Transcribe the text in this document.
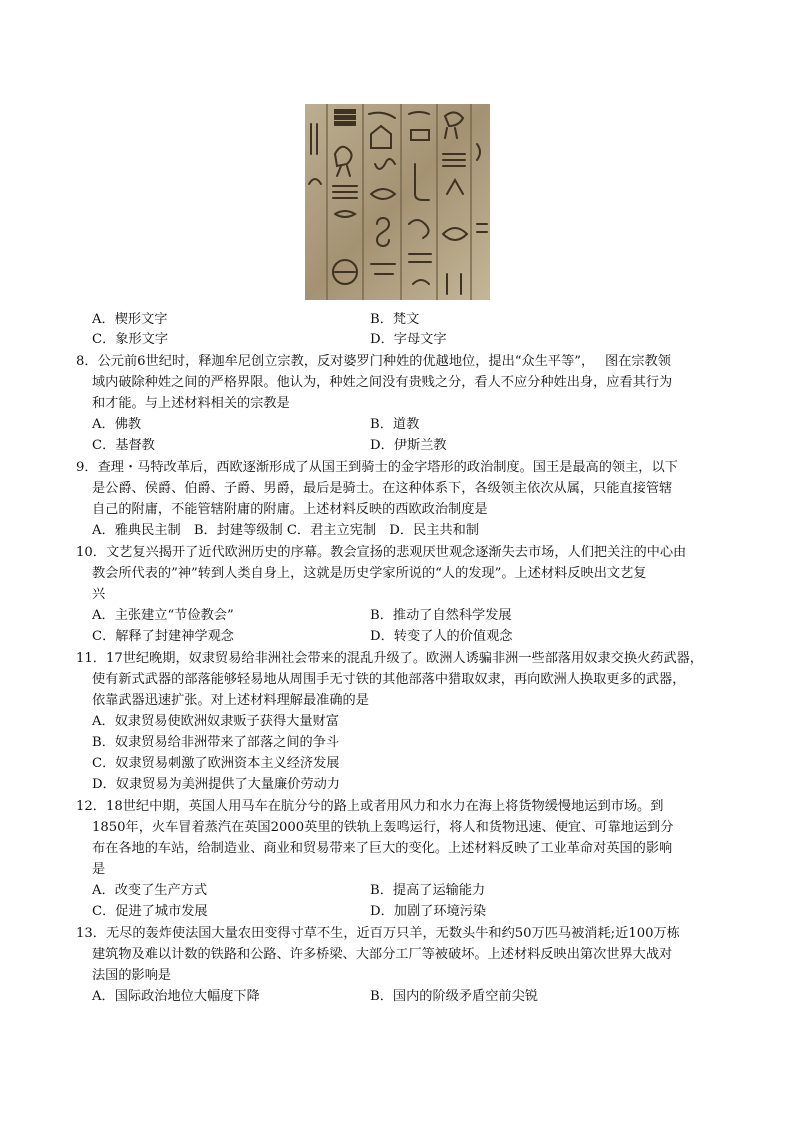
A．楔形文字	B．梵文
C．象形文字	D．字母文字
8．公元前6世纪时，释迦牟尼创立宗教，反对婆罗门种姓的优越地位，提出“众生平等”，　 图在宗教领
域内破除种姓之间的严格界限。他认为，种姓之间没有贵贱之分，看人不应分种姓出身，应看其行为
和才能。与上述材料相关的宗教是
A．佛教	B．道教
C．基督教	D．伊斯兰教
9．查理・马特改革后，西欧逐渐形成了从国王到骑士的金字塔形的政治制度。国王是最高的领主，以下
是公爵、侯爵、伯爵、子爵、男爵，最后是骑士。在这种体系下，各级领主依次从属，只能直接管辖
自己的附庸，不能管辖附庸的附庸。上述材料反映的西欧政治制度是
A．雅典民主制　B．封建等级制 C．君主立宪制　D．民主共和制
10．文艺复兴揭开了近代欧洲历史的序幕。教会宣扬的悲观厌世观念逐渐失去市场，人们把关注的中心由
教会所代表的”神”转到人类自身上，这就是历史学家所说的“人的发现”。上述材料反映出文艺复
兴
A．主张建立“节俭教会”	B．推动了自然科学发展
C．解释了封建神学观念	D．转变了人的价值观念
11．17世纪晚期，奴隶贸易给非洲社会带来的混乱升级了。欧洲人诱骗非洲一些部落用奴隶交换火药武器，
使有新式武器的部落能够轻易地从周围手无寸铁的其他部落中猎取奴隶，再向欧洲人换取更多的武器，
依靠武器迅速扩张。对上述材料理解最准确的是
A．奴隶贸易使欧洲奴隶贩子获得大量财富
B．奴隶贸易给非洲带来了部落之间的争斗
C．奴隶贸易刺激了欧洲资本主义经济发展
D．奴隶贸易为美洲提供了大量廉价劳动力
12．18世纪中期，英国人用马车在肮分兮的路上或者用风力和水力在海上将货物缓慢地运到市场。到
1850年，火车冒着蒸汽在英国2000英里的铁轨上轰鸣运行，将人和货物迅速、便宜、可靠地运到分
布在各地的车站，给制造业、商业和贸易带来了巨大的变化。上述材料反映了工业革命对英国的影响
是
A．改变了生产方式	B．提高了运输能力
C．促进了城市发展	D．加剧了环境污染
13．无尽的轰炸使法国大量农田变得寸草不生，近百万只羊，无数头牛和约50万匹马被消耗;近100万栋
建筑物及难以计数的铁路和公路、许多桥梁、大部分工厂等被破坏。上述材料反映出第次世界大战对
法国的影响是
A．国际政治地位大幅度下降	B．国内的阶级矛盾空前尖锐
